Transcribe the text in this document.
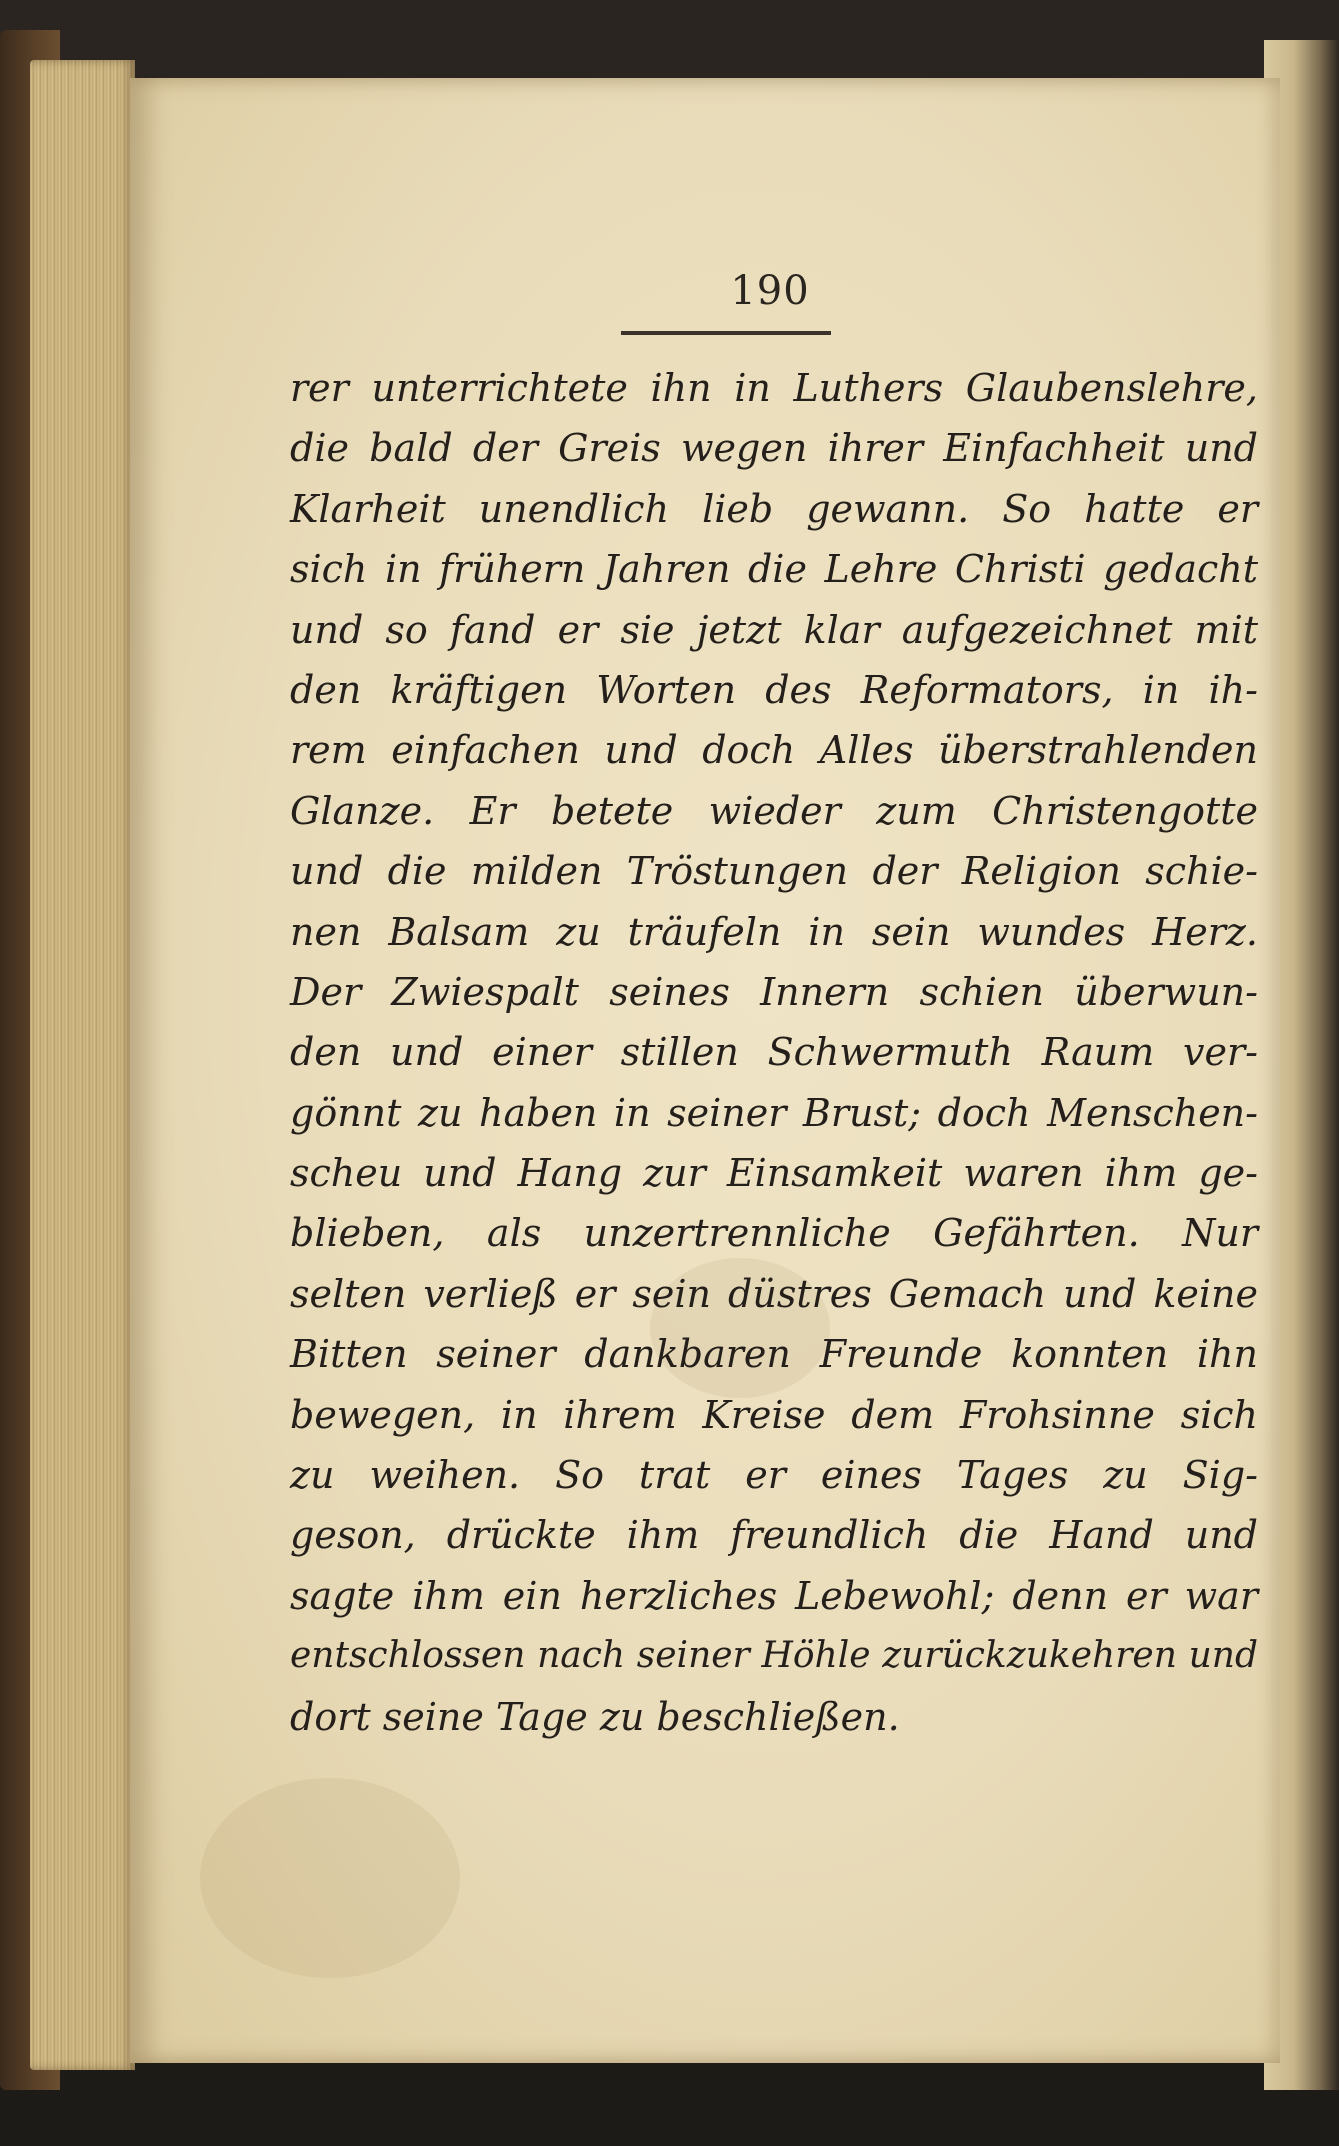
190
rer unterrichtete ihn in Luthers Glaubenslehre,
die bald der Greis wegen ihrer Einfachheit und
Klarheit unendlich lieb gewann. So hatte er
sich in frühern Jahren die Lehre Christi gedacht
und so fand er sie jetzt klar aufgezeichnet mit
den kräftigen Worten des Reformators, in ih-
rem einfachen und doch Alles überstrahlenden
Glanze. Er betete wieder zum Christengotte
und die milden Tröstungen der Religion schie-
nen Balsam zu träufeln in sein wundes Herz.
Der Zwiespalt seines Innern schien überwun-
den und einer stillen Schwermuth Raum ver-
gönnt zu haben in seiner Brust; doch Menschen-
scheu und Hang zur Einsamkeit waren ihm ge-
blieben, als unzertrennliche Gefährten. Nur
selten verließ er sein düstres Gemach und keine
Bitten seiner dankbaren Freunde konnten ihn
bewegen, in ihrem Kreise dem Frohsinne sich
zu weihen. So trat er eines Tages zu Sig-
geson, drückte ihm freundlich die Hand und
sagte ihm ein herzliches Lebewohl; denn er war
entschlossen nach seiner Höhle zurückzukehren und
dort seine Tage zu beschließen.
